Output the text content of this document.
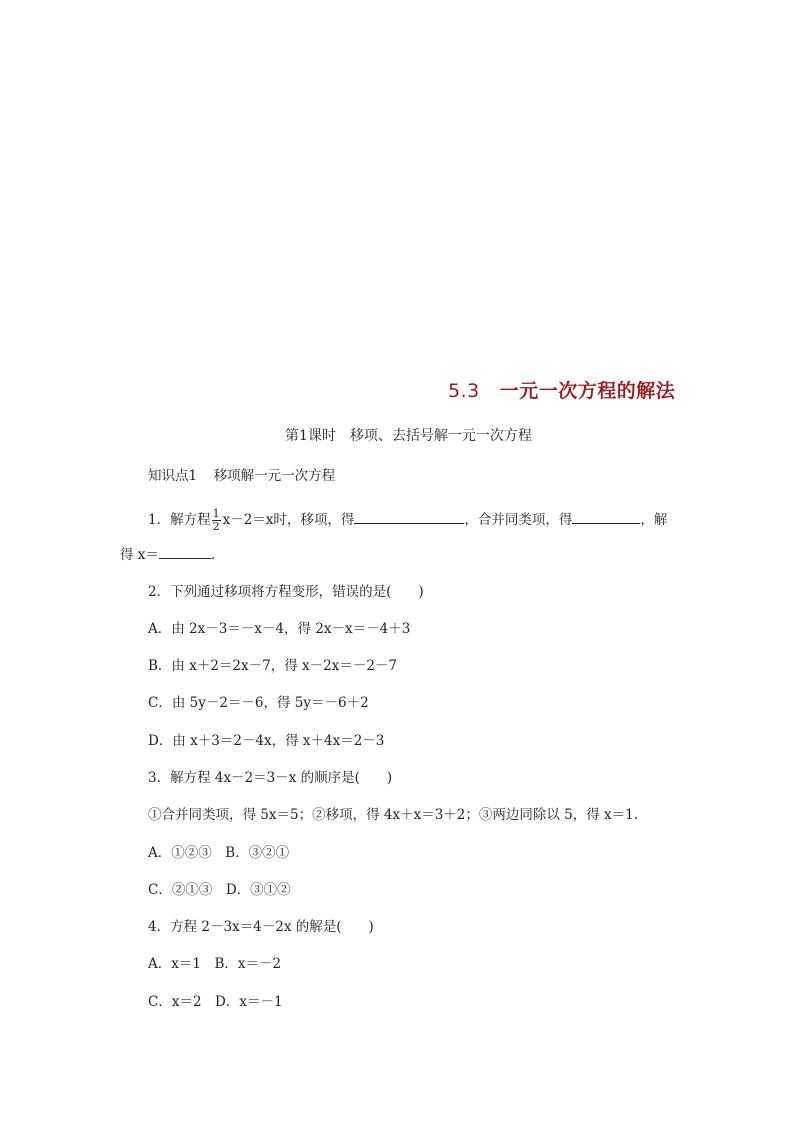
5.3 一元一次方程的解法
第1课时 移项、去括号解一元一次方程
知识点1 移项解一元一次方程
1．解方程 $\frac{1}{2} x-2=x$时，移项，得	，合并同类项，得	，解
得 x＝	.
2．下列通过移项将方程变形，错误的是(　　)
A．由 2x－3＝－x－4，得 2x－x＝－4＋3
B．由 x＋2＝2x－7，得 x－2x＝－2－7
C．由 5y－2＝－6，得 5y＝－6＋2
D．由 x＋3＝2－4x，得 x＋4x＝2－3
3．解方程 4x－2＝3－x 的顺序是(　　)
①合并同类项，得 5x＝5；②移项，得 4x＋x＝3＋2；③两边同除以 5，得 x＝1.
A．①②③　B．③②①
C．②①③　D．③①②
4．方程 2－3x＝4－2x 的解是(　　)
A．x＝1　B．x＝－2
C．x＝2　D．x＝－1
